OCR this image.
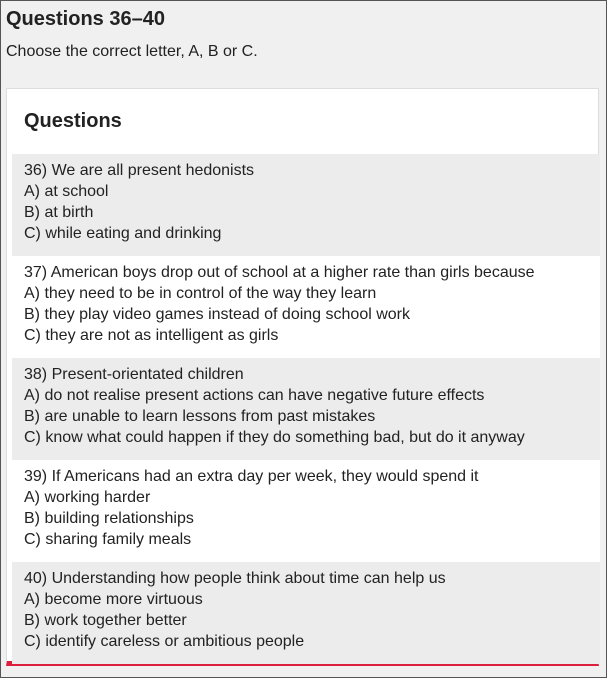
Questions 36–40

Choose the correct letter, A, B or C.

Questions
36) We are all present hedonists
A) at school
B) at birth
C) while eating and drinking
37) American boys drop out of school at a higher rate than girls because
A) they need to be in control of the way they learn
B) they play video games instead of doing school work
C) they are not as intelligent as girls
38) Present-orientated children
A) do not realise present actions can have negative future effects
B) are unable to learn lessons from past mistakes
C) know what could happen if they do something bad, but do it anyway
39) If Americans had an extra day per week, they would spend it
A) working harder
B) building relationships
C) sharing family meals
40) Understanding how people think about time can help us
A) become more virtuous
B) work together better
C) identify careless or ambitious people
